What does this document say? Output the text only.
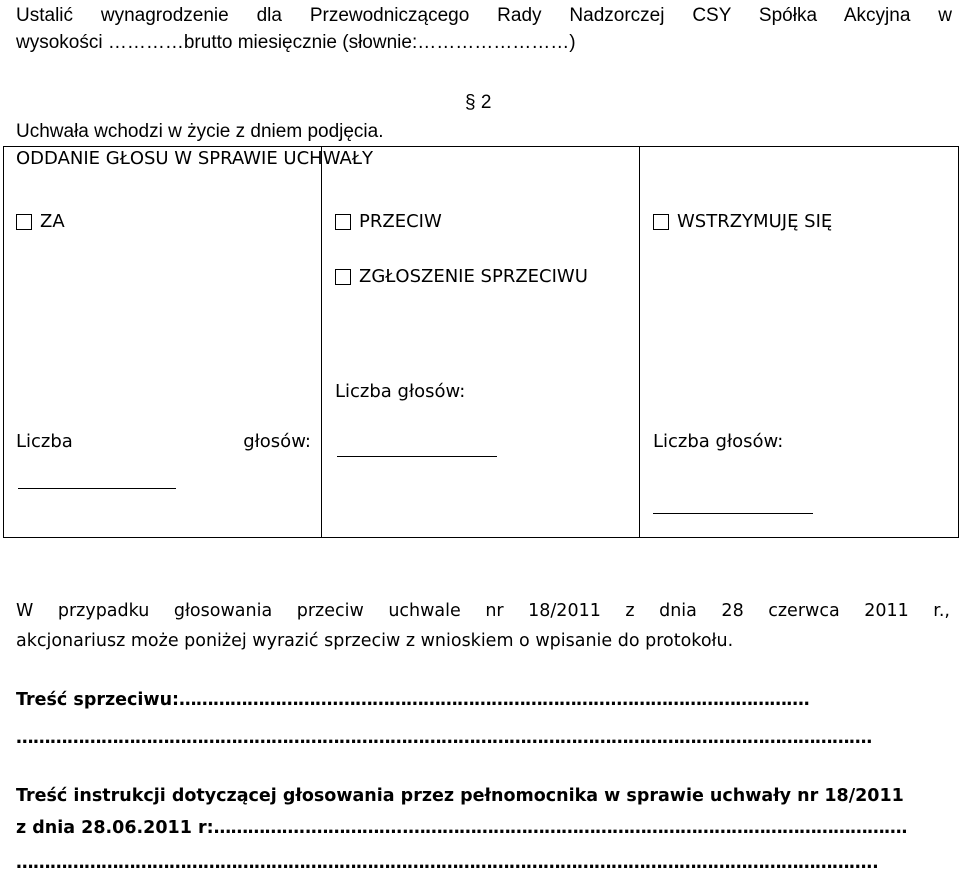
Ustalić wynagrodzenie dla Przewodniczącego Rady Nadzorczej CSY Spółka Akcyjna w
wysokości …………brutto miesięcznie (słownie:……………………)
§ 2
Uchwała wchodzi w życie z dniem podjęcia.
ZA
Liczba	głosów:
PRZECIW
ZGŁOSZENIE SPRZECIWU
Liczba głosów:
WSTRZYMUJĘ SIĘ
Liczba głosów:
ODDANIE GŁOSU W SPRAWIE UCHWAŁY
W przypadku głosowania przeciw uchwale nr 18/2011 z dnia 28 czerwca 2011 r.,
akcjonariusz może poniżej wyrazić sprzeciw z wnioskiem o wpisanie do protokołu.
Treść sprzeciwu: ……………………….………………………………………….…………………………….
…………………………………………………………………………………………………………………………………….
Treść instrukcji dotyczącej głosowania przez pełnomocnika w sprawie uchwały nr 18/2011
z dnia 28.06.2011 r: ……………..……………..…………………………………………………………………………….
……………………………………………………………………………………………………………………………………..
